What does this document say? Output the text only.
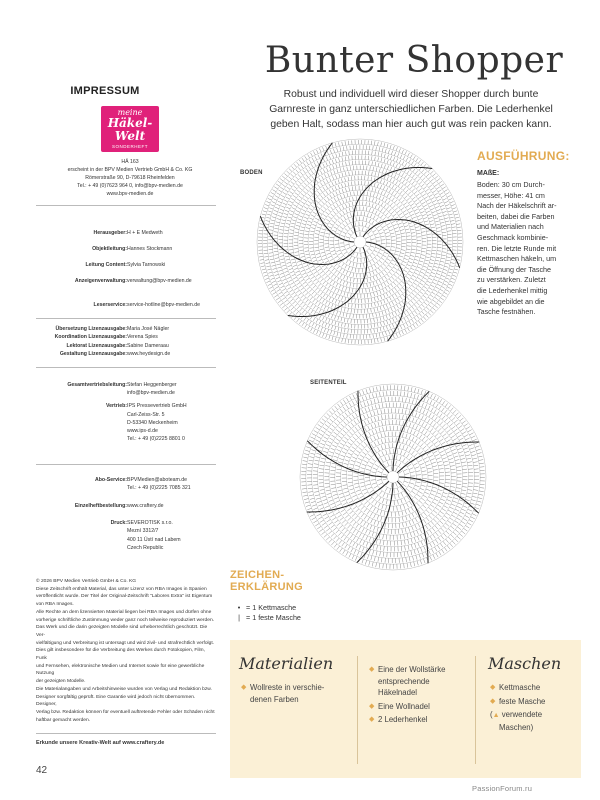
IMPRESSUM
meine
Häkel-Welt
SONDERHEFT
HÄ 163
erscheint in der BPV Medien Vertrieb GmbH & Co. KG
Römerstraße 90, D-79618 Rheinfelden
Tel.: + 49 (0)7623 964 0, info@bpv-medien.de
www.bpv-medien.de
Herausgeber: H + E Medweth
Objektleitung: Hannes Stockmann
Leitung Content: Sylvia Tarnowski
Anzeigenverwaltung: verwaltung@bpv-medien.de
Leserservice: service-hotline@bpv-medien.de
Übersetzung Lizenzausgabe: Maria José Nägler
Koordination Lizenzausgabe: Verena Spies
Lektorat Lizenzausgabe: Sabine Dameraau
Gestaltung Lizenzausgabe: www.heydesign.de
Gesamtvertriebsleitung: Stefan Heggenberger
info@bpv-medien.de
Vertrieb: IPS Pressevertrieb GmbH
Carl-Zeiss-Str. 5
D-53340 Meckenheim
www.ips-d.de
Tel.: + 49 (0)2225 8801 0
Abo-Service: BPVMedien@aboteam.de
Tel.: + 49 (0)2225 7085 321
Einzelheftbestellung: www.craftery.de
Druck: SEVEROTISK s.r.o.
Mezní 3312/7
400 11 Ústí nad Labem
Czech Republic

© 2026 BPV Medien Vertrieb GmbH & Co. KG

Diese Zeitschrift enthält Material, das unter Lizenz von RBA Images in Spanien

veröffentlicht wurde. Der Titel der Original-Zeitschrift "Labores Extra" ist Eigentum

von RBA Images.

Alle Rechte an dem lizensierten Material liegen bei RBA Images und dürfen ohne

vorherige schriftliche Zustimmung weder ganz noch teilweise reproduziert werden.

Das Werk und die darin gezeigten Modelle sind urheberrechtlich geschützt. Die Ver-

vielfältigung und Verbreitung ist untersagt und wird zivil- und strafrechtlich verfolgt.

Dies gilt insbesondere für die Verbreitung des Werkes durch Fotokopien, Film, Funk

und Fernsehen, elektronische Medien und Internet sowie für eine gewerbliche Nutzung

der gezeigten Modelle.

Die Materialangaben und Arbeitshinweise wurden von Verlag und Redaktion bzw.

Designer sorgfältig geprüft. Eine Garantie wird jedoch nicht übernommen. Designer,

Verlag bzw. Redaktion können für eventuell auftretende Fehler oder Schäden nicht

haftbar gemacht werden.

Erkunde unsere Kreativ-Welt auf www.craftery.de
42
Bunter Shopper
Robust und individuell wird dieser Shopper durch bunte
Garnreste in ganz unterschiedlichen Farben. Die Lederhenkel
geben Halt, sodass man hier auch gut was rein packen kann.
AUSFÜHRUNG:
MAßE:
Boden: 30 cm Durch-
messer, Höhe: 41 cm
Nach der Häkelschrift ar-
beiten, dabei die Farben
und Materialien nach
Geschmack kombinie-
ren. Die letzte Runde mit
Kettmaschen häkeln, um
die Öffnung der Tasche
zu verstärken. Zuletzt
die Lederhenkel mittig
wie abgebildet an die
Tasche festnähen.
BODEN
SEITENTEIL
ZEICHEN-
ERKLÄRUNG
• = 1 Kettmasche
| = 1 feste Masche
Materialien
◆ Wollreste in verschie-
denen Farben
◆ Eine der Wollstärke
entsprechende
Häkelnadel
◆ Eine Wollnadel
◆ 2 Lederhenkel
Maschen
◆ Kettmasche
◆ feste Masche
(▲ verwendete
Maschen)
PassionForum.ru
